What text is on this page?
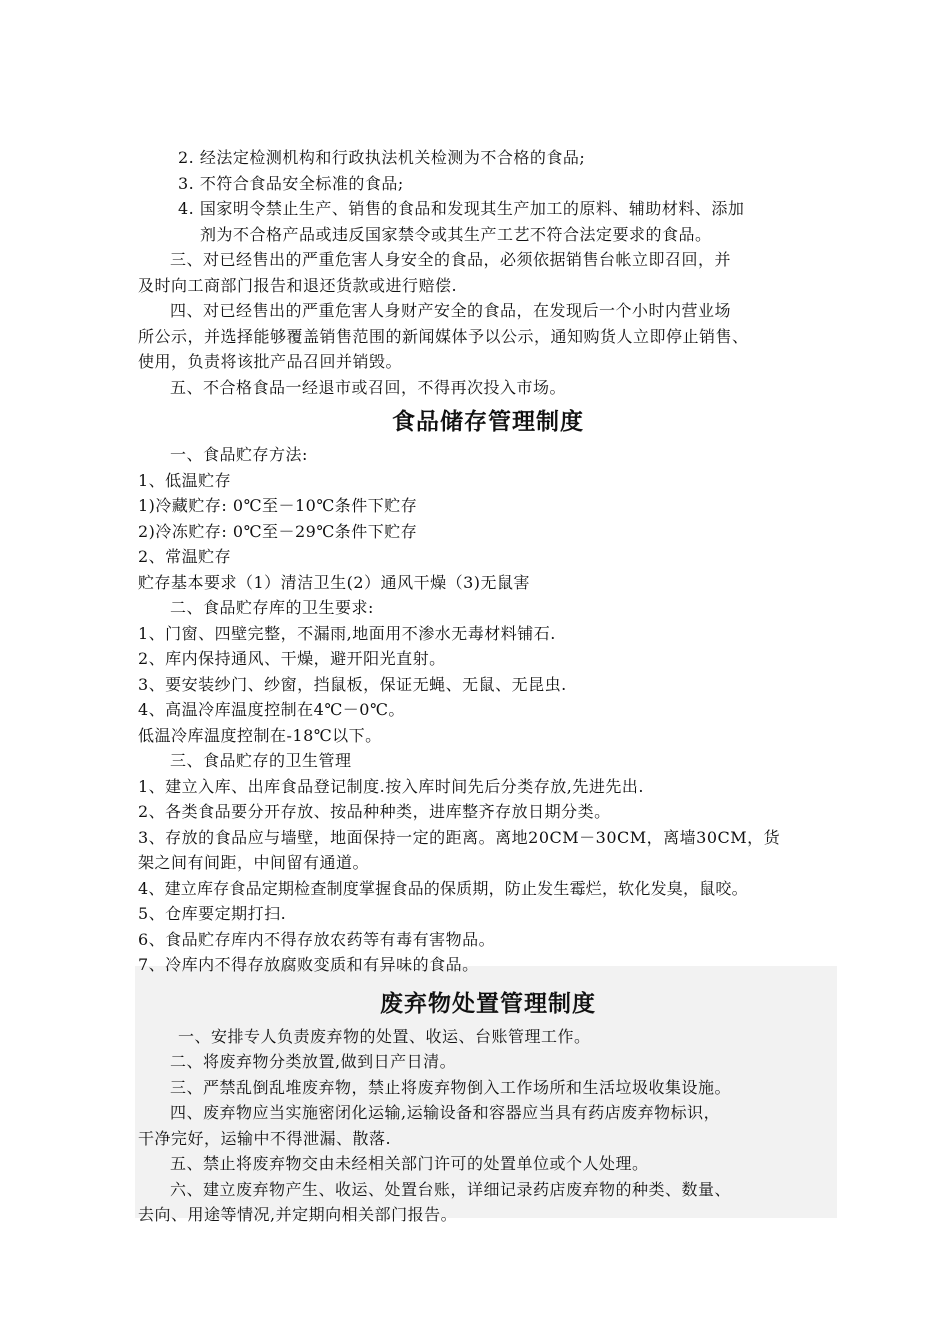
2. 经法定检测机构和行政执法机关检测为不合格的食品;
3. 不符合食品安全标准的食品;
4. 国家明令禁止生产、销售的食品和发现其生产加工的原料、辅助材料、添加
剂为不合格产品或违反国家禁令或其生产工艺不符合法定要求的食品。
三、对已经售出的严重危害人身安全的食品，必须依据销售台帐立即召回，并
及时向工商部门报告和退还货款或进行赔偿.
四、对已经售出的严重危害人身财产安全的食品，在发现后一个小时内营业场
所公示，并选择能够覆盖销售范围的新闻媒体予以公示，通知购货人立即停止销售、
使用，负责将该批产品召回并销毁。
五、不合格食品一经退市或召回，不得再次投入市场。
食品储存管理制度
一、食品贮存方法:
1、低温贮存
1)冷藏贮存: 0℃至－10℃条件下贮存
2)冷冻贮存: 0℃至－29℃条件下贮存
2、常温贮存
贮存基本要求（1）清洁卫生(2）通风干燥（3)无鼠害
二、食品贮存库的卫生要求:
1、门窗、四壁完整，不漏雨,地面用不渗水无毒材料铺石.
2、库内保持通风、干燥，避开阳光直射。
3、要安装纱门、纱窗，挡鼠板，保证无蝇、无鼠、无昆虫.
4、高温冷库温度控制在4℃－0℃。
低温冷库温度控制在-18℃以下。
三、食品贮存的卫生管理
1、建立入库、出库食品登记制度.按入库时间先后分类存放,先进先出.
2、各类食品要分开存放、按品种种类，进库整齐存放日期分类。
3、存放的食品应与墙壁，地面保持一定的距离。离地20CM－30CM，离墙30CM，货
架之间有间距，中间留有通道。
4、建立库存食品定期检查制度掌握食品的保质期，防止发生霉烂，软化发臭，鼠咬。
5、仓库要定期打扫.
6、食品贮存库内不得存放农药等有毒有害物品。
7、冷库内不得存放腐败变质和有异味的食品。
废弃物处置管理制度
一、安排专人负责废弃物的处置、收运、台账管理工作。
二、将废弃物分类放置,做到日产日清。
三、严禁乱倒乱堆废弃物，禁止将废弃物倒入工作场所和生活垃圾收集设施。
四、废弃物应当实施密闭化运输,运输设备和容器应当具有药店废弃物标识，
干净完好，运输中不得泄漏、散落.
五、禁止将废弃物交由未经相关部门许可的处置单位或个人处理。
六、建立废弃物产生、收运、处置台账，详细记录药店废弃物的种类、数量、
去向、用途等情况,并定期向相关部门报告。
